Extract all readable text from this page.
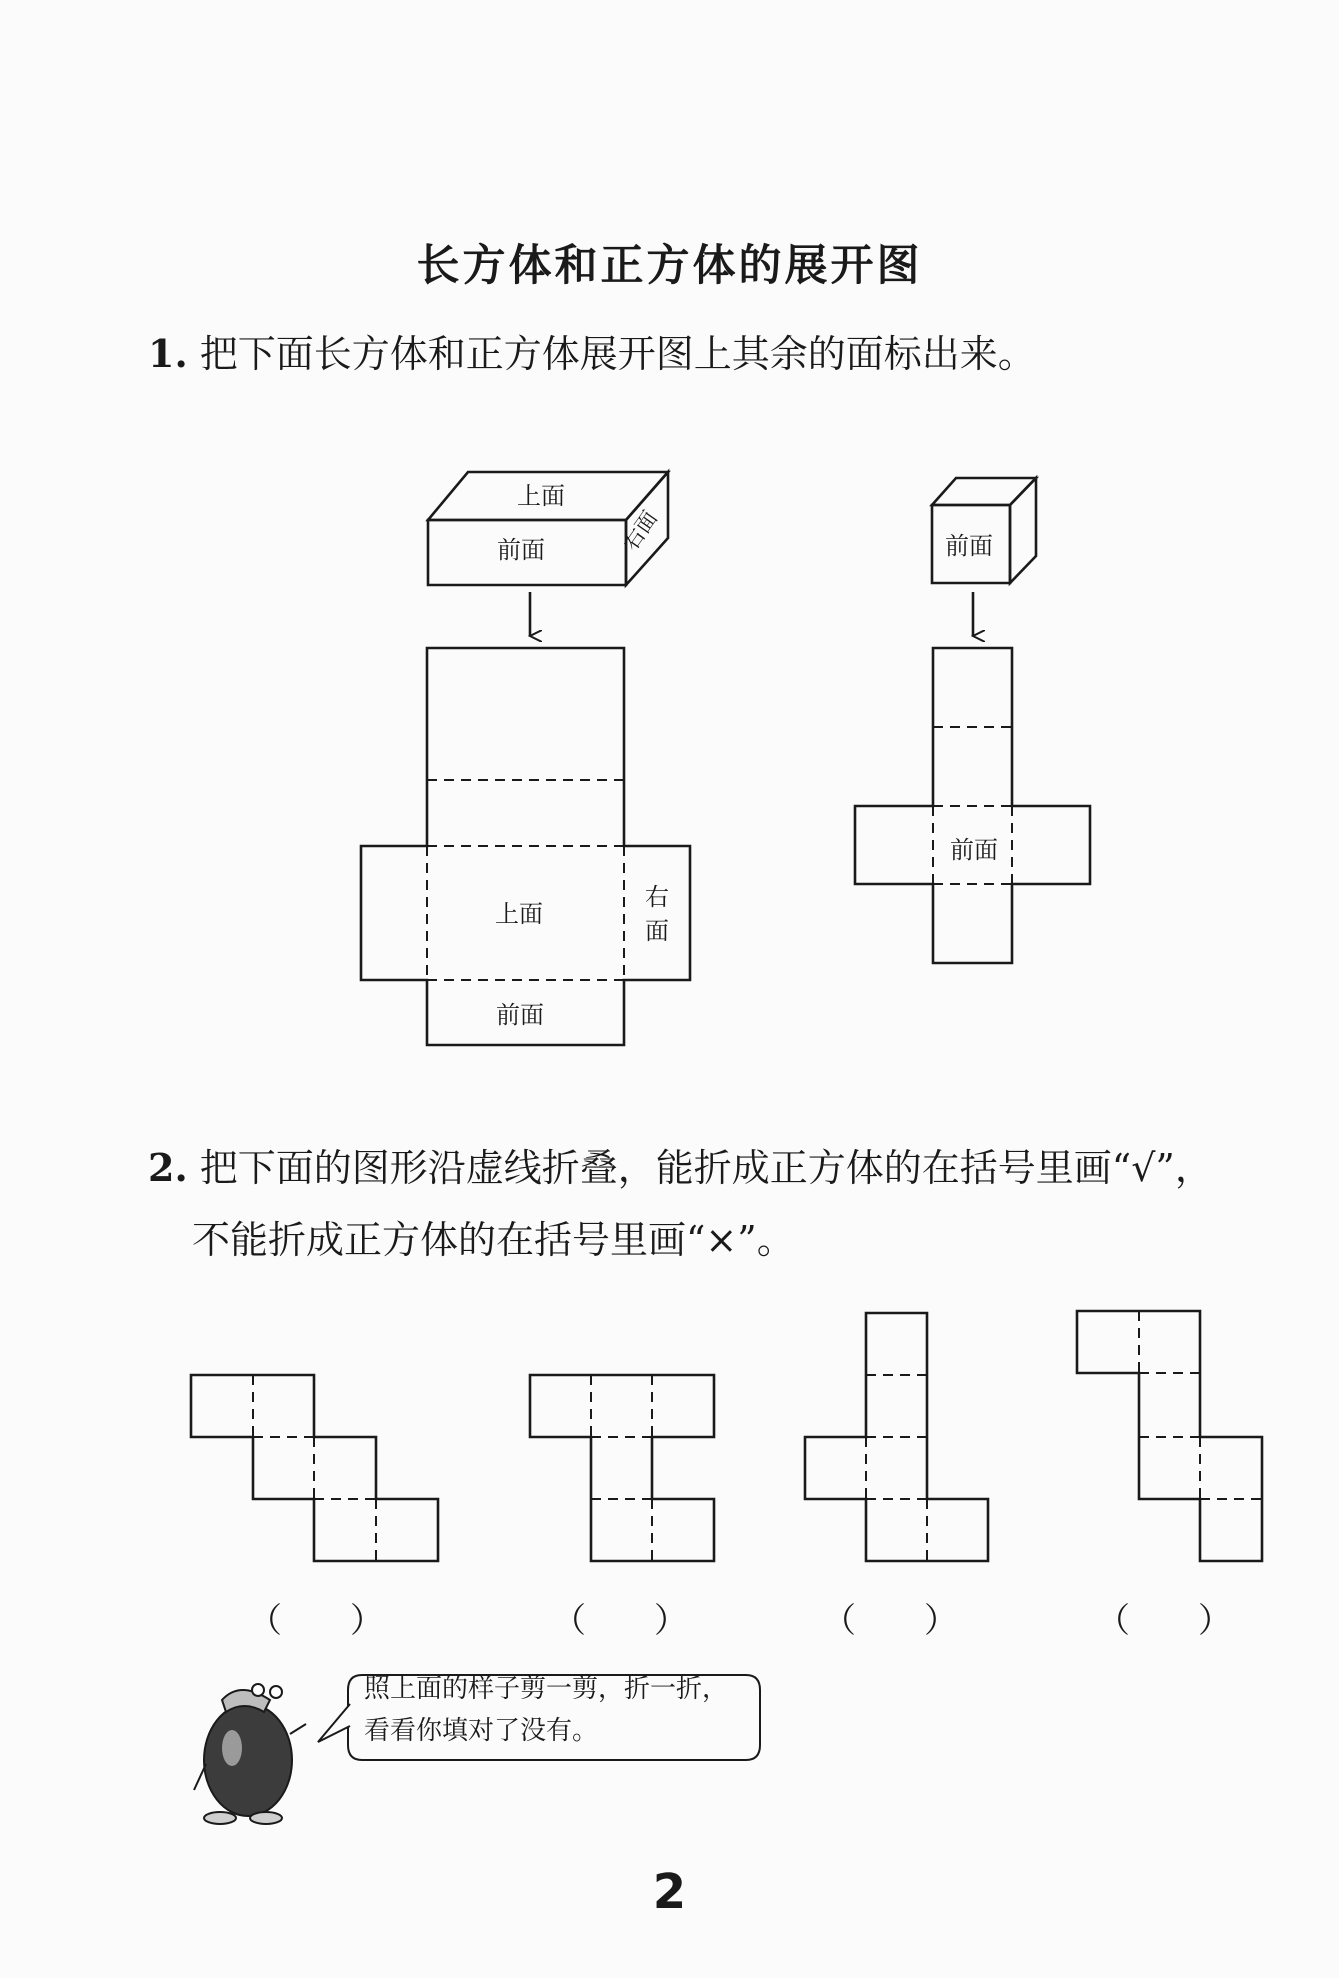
长方体和正方体的展开图
1. 把下面长方体和正方体展开图上其余的面标出来。
上面
前面	右面
上面
右
面
前面
前面
前面
（　　）	（　　）	（　　）	（　　）
2. 把下面的图形沿虚线折叠，能折成正方体的在括号里画“√”，
不能折成正方体的在括号里画“×”。
照上面的样子剪一剪，折一折，
看看你填对了没有。
2
